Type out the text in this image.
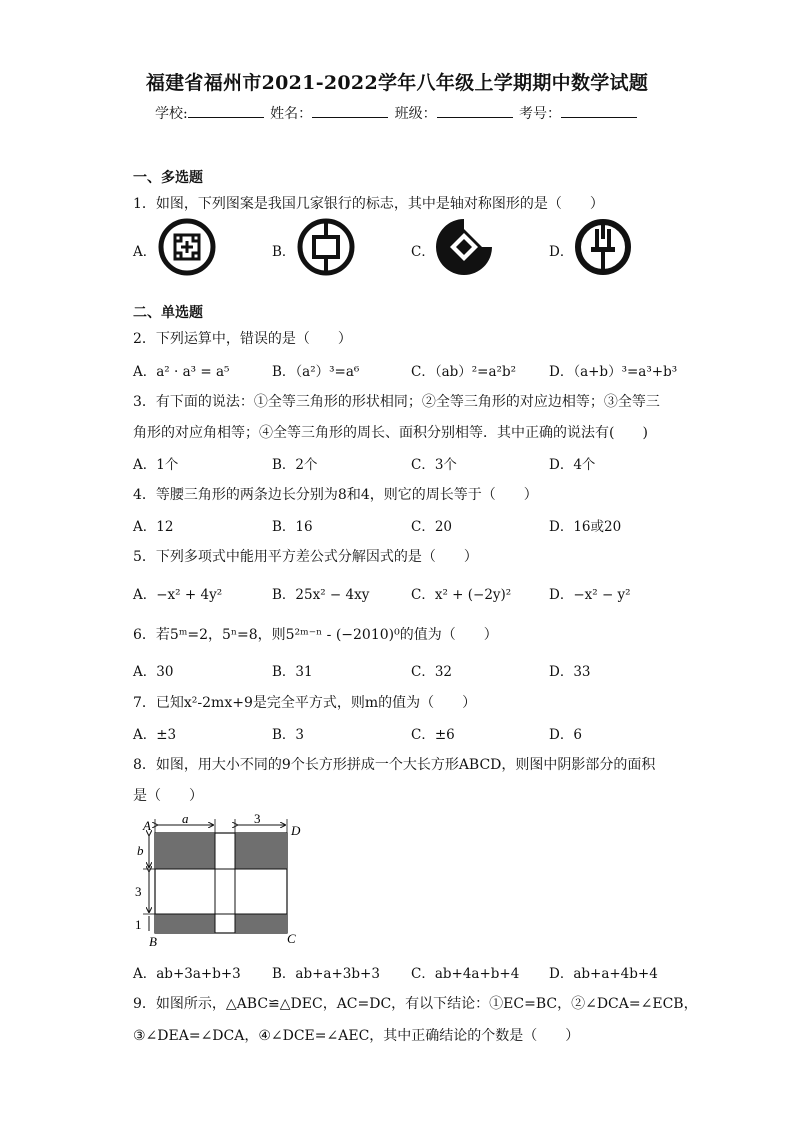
福建省福州市2021-2022学年八年级上学期期中数学试题
学校:	姓名：	班级：	考号：
一、多选题
1．如图，下列图案是我国几家银行的标志，其中是轴对称图形的是（　　）
A．	B．	C．	D．
二、单选题
2．下列运算中，错误的是（　　）
A．a² · a³ = a⁵	B．（a²）³=a⁶	C．（ab）²=a²b² D．（a+b）³=a³+b³
3．有下面的说法：①全等三角形的形状相同；②全等三角形的对应边相等；③全等三
角形的对应角相等；④全等三角形的周长、面积分别相等．其中正确的说法有(　　)
A．1个	B．2个	C．3个	D．4个
4．等腰三角形的两条边长分别为8和4，则它的周长等于（　　）
A．12	B．16	C．20	D．16或20
5．下列多项式中能用平方差公式分解因式的是（　　）
A．−x² + 4y²	B．25x² − 4xy	C．x² + (−2y)²	D．−x² − y²
6．若5ᵐ=2，5ⁿ=8，则5²ᵐ⁻ⁿ - (−2010)⁰的值为（　　）
A．30	B．31	C．32	D．33
7．已知x²-2mx+9是完全平方式，则m的值为（　　）
A．±3	B．3	C．±6	D．6
8．如图，用大小不同的9个长方形拼成一个大长方形ABCD，则图中阴影部分的面积
是（　　）
a	3
b
3
1
A	D
B	C
A．ab+3a+b+3 B．ab+a+3b+3 C．ab+4a+b+4 D．ab+a+4b+4
9．如图所示，△ABC≌△DEC，AC=DC，有以下结论：①EC=BC，②∠DCA=∠ECB，
③∠DEA=∠DCA，④∠DCE=∠AEC，其中正确结论的个数是（　　）
